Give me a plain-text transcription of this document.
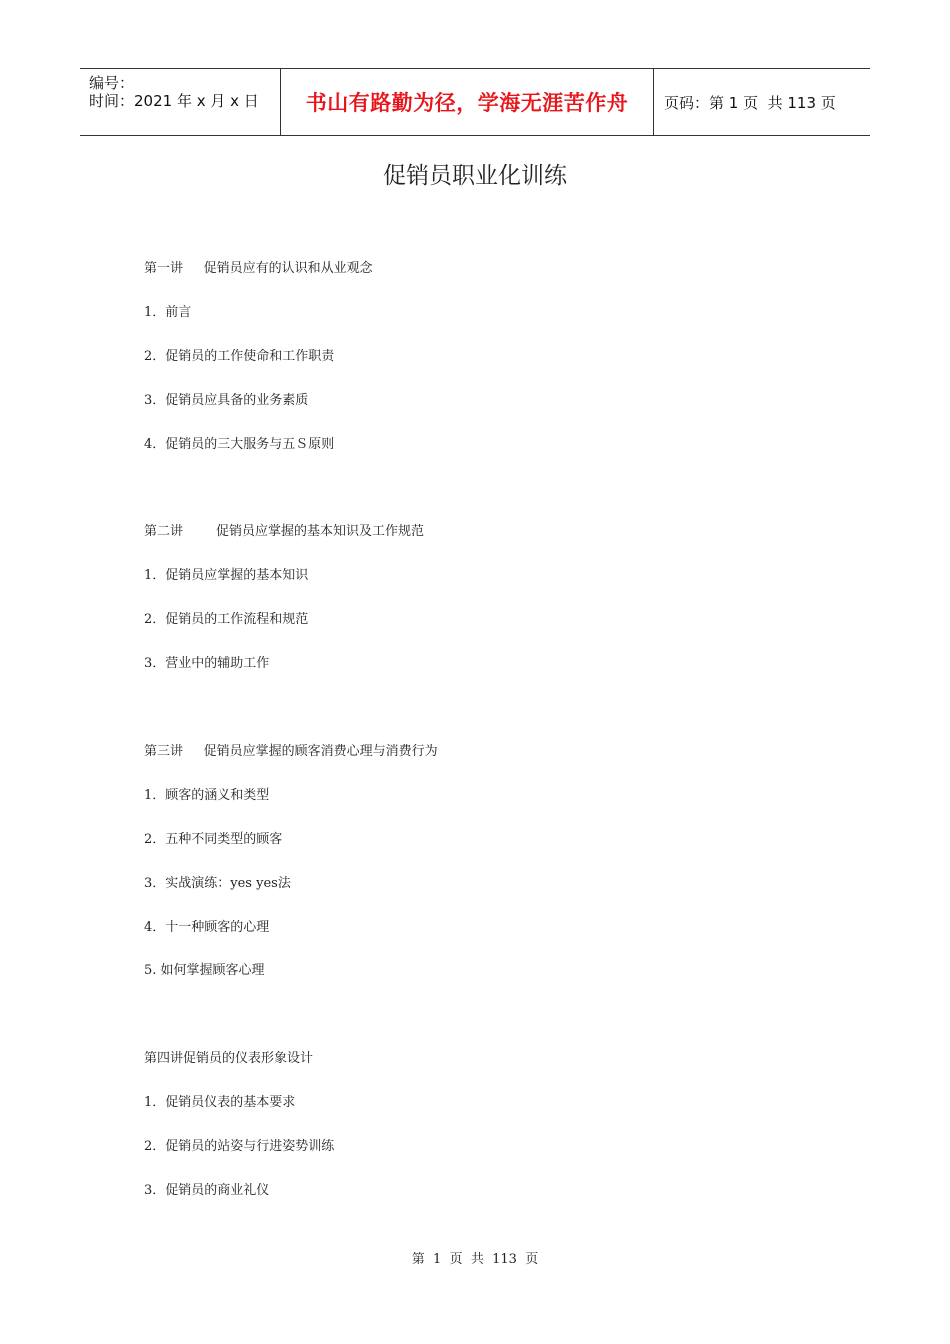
编号：
时间：2021 年 x 月 x 日 书山有路勤为径，学海无涯苦作舟	页码：第 1 页  共 113 页
促销员职业化训练
第一讲     促销员应有的认识和从业观念
1．前言
2．促销员的工作使命和工作职责
3．促销员应具备的业务素质
4．促销员的三大服务与五Ｓ原则
第二讲        促销员应掌握的基本知识及工作规范
1．促销员应掌握的基本知识
2．促销员的工作流程和规范
3．营业中的辅助工作
第三讲     促销员应掌握的顾客消费心理与消费行为
1．顾客的涵义和类型
2．五种不同类型的顾客
3．实战演练：yes yes法
4．十一种顾客的心理
5. 如何掌握顾客心理
第四讲促销员的仪表形象设计
1．促销员仪表的基本要求
2．促销员的站姿与行进姿势训练
3．促销员的商业礼仪
第  1  页  共  113  页
